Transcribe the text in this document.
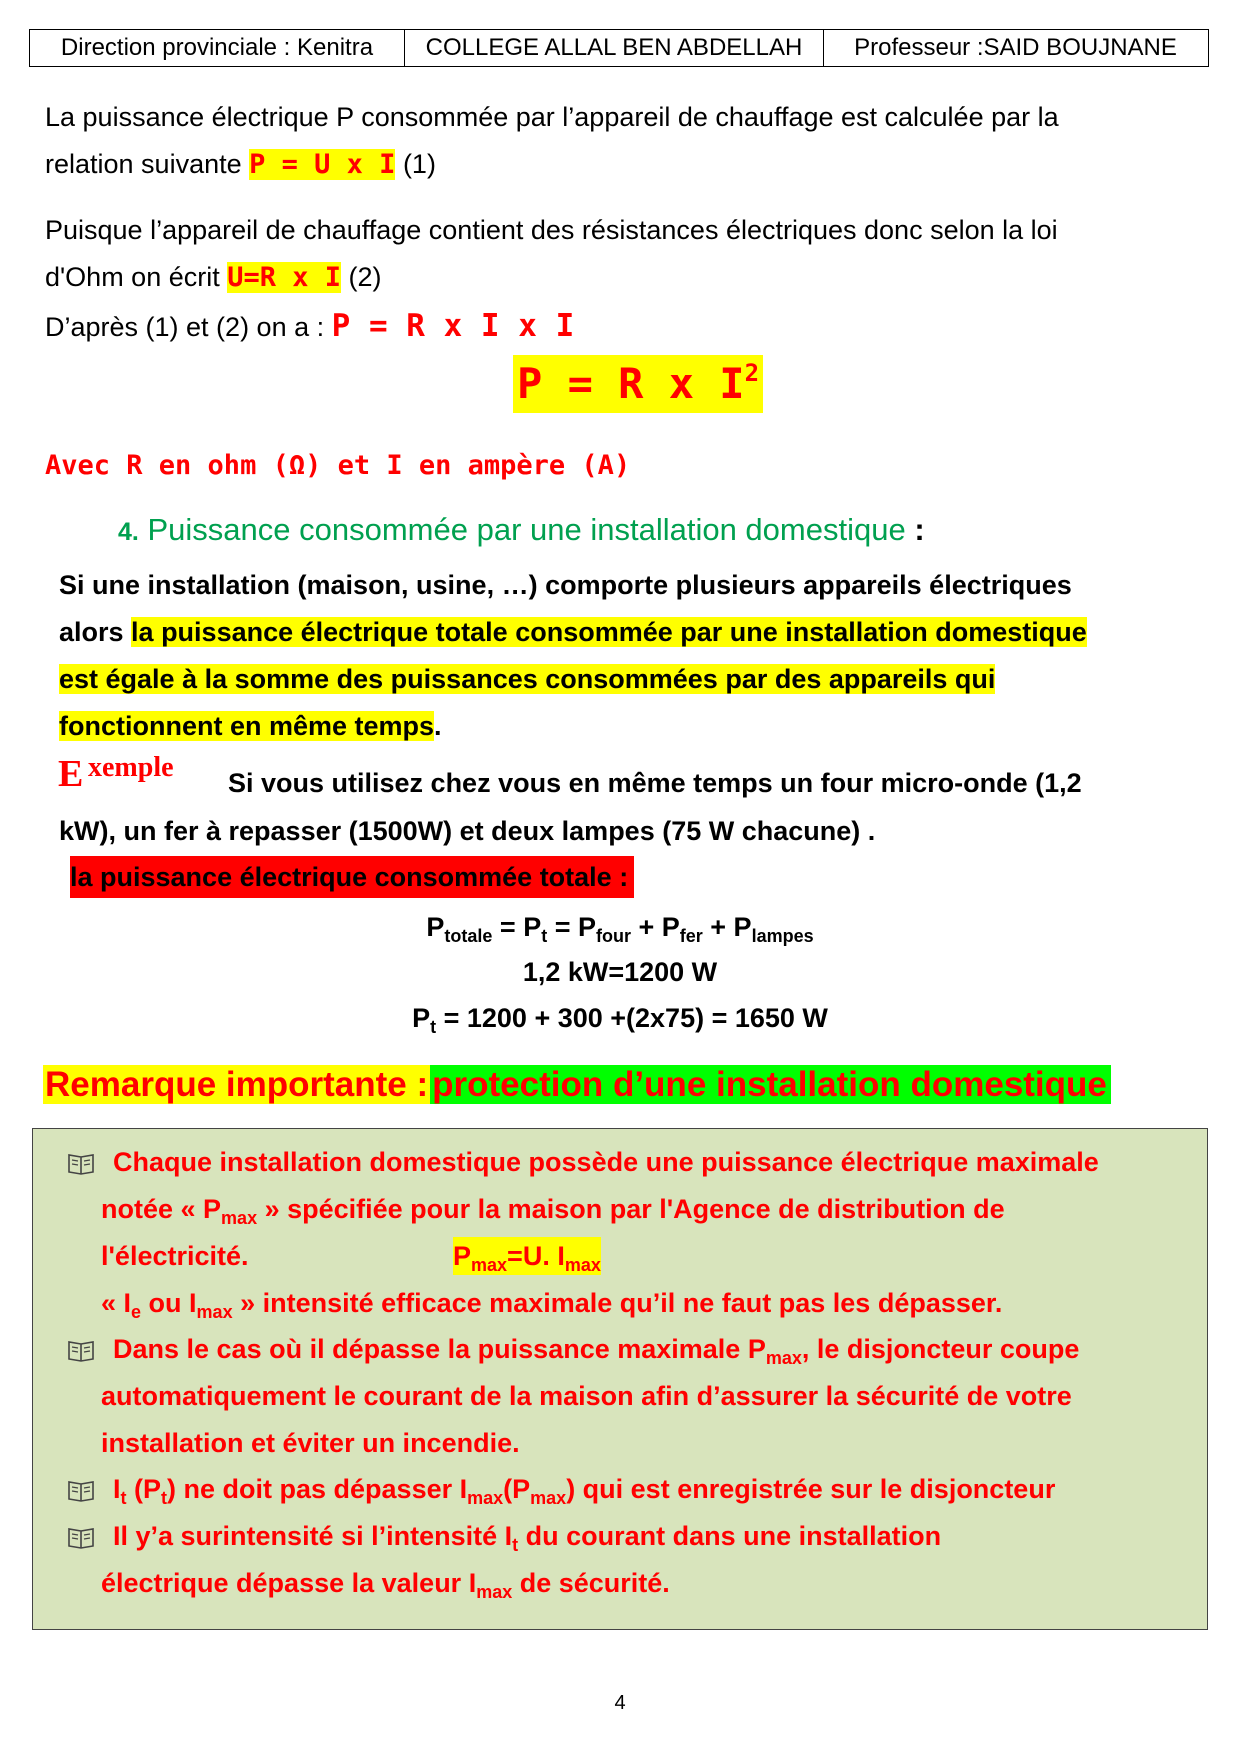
Direction provinciale : Kenitra	COLLEGE ALLAL BEN ABDELLAH	Professeur :SAID BOUJNANE
La puissance électrique P consommée par l’appareil de chauffage est calculée par la
relation suivante P = U x I (1)
Puisque l’appareil de chauffage contient des résistances électriques donc selon la loi
d'Ohm on écrit U=R x I (2)
D’après (1) et (2) on a : P = R x I x I
P = R x $I^2$
Avec R en ohm (Ω) et I en ampère (A)
4. Puissance consommée par une installation domestique :
Si une installation (maison, usine, …) comporte plusieurs appareils électriques
alors la puissance électrique totale consommée par une installation domestique
est égale à la somme des puissances consommées par des appareils qui
fonctionnent en même temps.
E xemple Si vous utilisez chez vous en même temps un four micro-onde (1,2
kW), un fer à repasser (1500W) et deux lampes (75 W chacune) .
la puissance électrique consommée totale :
$P_{totale} = P_t = P_{four} + P_{fer} + P_{lampes}$
1,2 kW=1200 W
$P_t = 1200 + 300 +(2x75) = 1650$ W
Remarque importante : protection d’une installation domestique
Chaque installation domestique possède une puissance électrique maximale
notée « $P_{max}$ » spécifiée pour la maison par l'Agence de distribution de
l'électricité.	$P_{max}=U$. $I_{max}$
« $I_e$ ou $I_{max}$ » intensité efficace maximale qu’il ne faut pas les dépasser.
Dans le cas où il dépasse la puissance maximale $P_{max}$, le disjoncteur coupe
automatiquement le courant de la maison afin d’assurer la sécurité de votre
installation et éviter un incendie.
$I_t$ $(P_t)$ ne doit pas dépasser $I_{max}(P_{max})$ qui est enregistrée sur le disjoncteur
Il y’a surintensité si l’intensité $I_t$ du courant dans une installation
électrique dépasse la valeur $I_{max}$ de sécurité.
4
